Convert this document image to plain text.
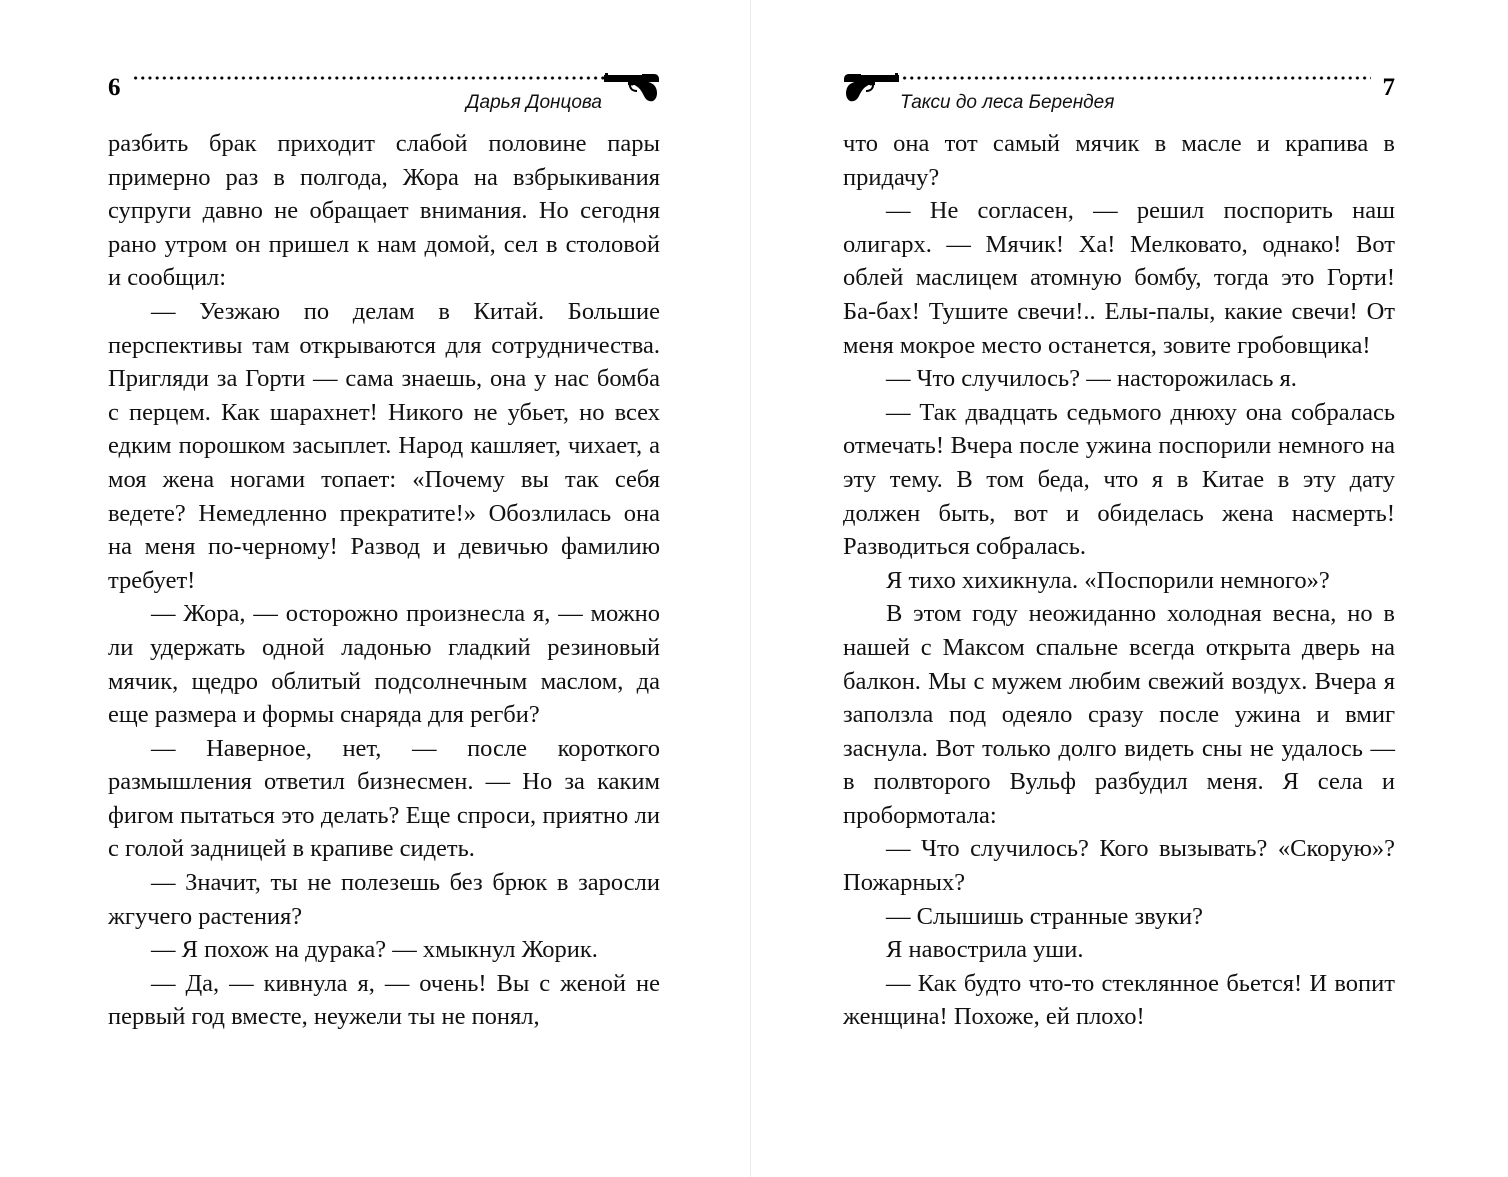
6
Дарья Донцова

разбить брак приходит слабой половине пары примерно раз в полгода, Жора на взбрыкивания супруги давно не обращает внимания. Но сегодня рано утром он пришел к нам домой, сел в столовой и сообщил:

— Уезжаю по делам в Китай. Большие перспективы там открываются для сотрудничества. Пригляди за Горти — сама знаешь, она у нас бомба с перцем. Как шарахнет! Никого не убьет, но всех едким порошком засыплет. Народ кашляет, чихает, а моя жена ногами топает: «Почему вы так себя ведете? Немедленно прекратите!» Обозлилась она на меня по-черному! Развод и девичью фамилию требует!

— Жора, — осторожно произнесла я, — можно ли удержать одной ладонью гладкий резиновый мячик, щедро облитый подсолнечным маслом, да еще размера и формы снаряда для регби?

— Наверное, нет, — после короткого размышления ответил бизнесмен. — Но за каким фигом пытаться это делать? Еще спроси, приятно ли с голой задницей в крапиве сидеть.

— Значит, ты не полезешь без брюк в заросли жгучего растения?

— Я похож на дурака? — хмыкнул Жорик.

— Да, — кивнула я, — очень! Вы с женой не первый год вместе, неужели ты не понял,

Такси до леса Берендея
7

что она тот самый мячик в масле и крапива в придачу?

— Не согласен, — решил поспорить наш олигарх. — Мячик! Ха! Мелковато, однако! Вот облей маслицем атомную бомбу, тогда это Горти! Ба-бах! Тушите свечи!.. Елы-палы, какие свечи! От меня мокрое место останется, зовите гробовщика!

— Что случилось? — насторожилась я.

— Так двадцать седьмого днюху она собралась отмечать! Вчера после ужина поспорили немного на эту тему. В том беда, что я в Китае в эту дату должен быть, вот и обиделась жена насмерть! Разводиться собралась.

Я тихо хихикнула. «Поспорили немного»?

В этом году неожиданно холодная весна, но в нашей с Максом спальне всегда открыта дверь на балкон. Мы с мужем любим свежий воздух. Вчера я заползла под одеяло сразу после ужина и вмиг заснула. Вот только долго видеть сны не удалось — в полвторого Вульф разбудил меня. Я села и пробормотала:

— Что случилось? Кого вызывать? «Скорую»? Пожарных?

— Слышишь странные звуки?

Я навострила уши.

— Как будто что-то стеклянное бьется! И вопит женщина! Похоже, ей плохо!
